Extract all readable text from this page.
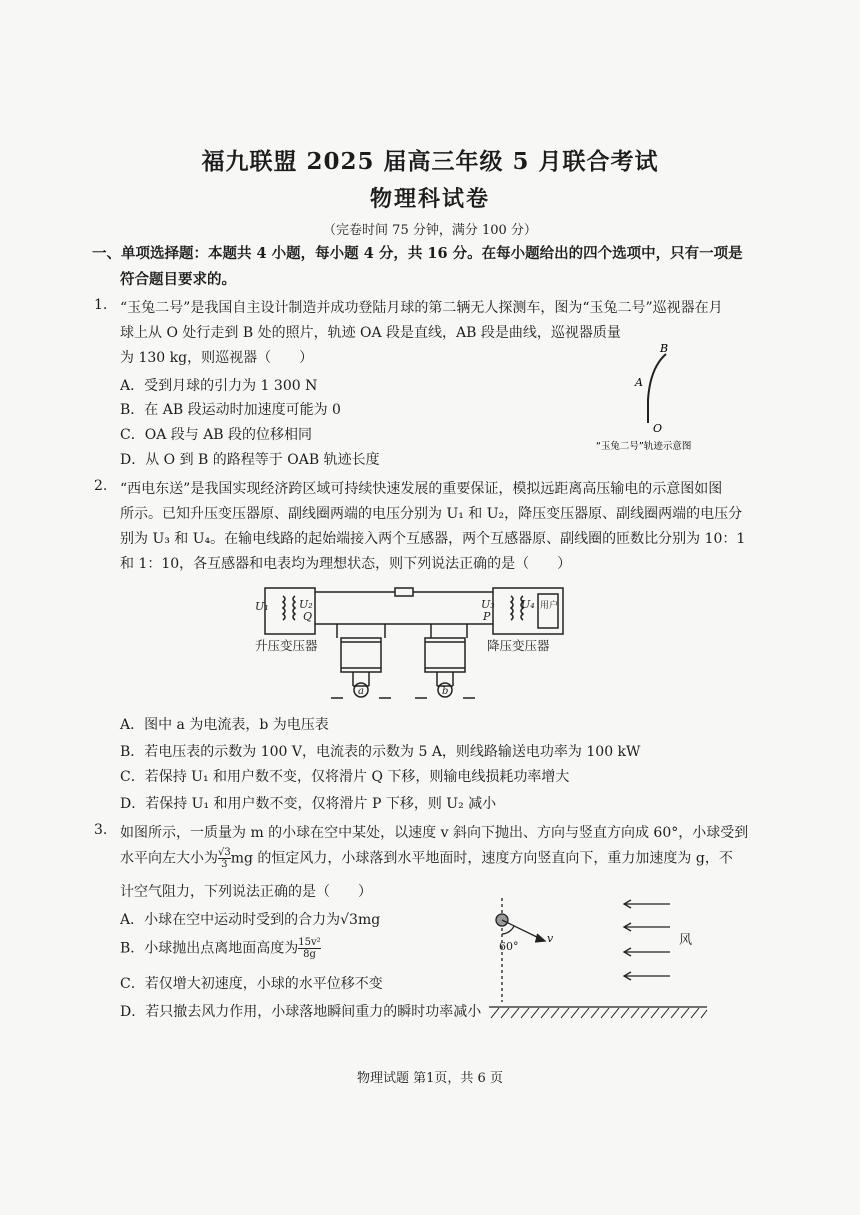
福九联盟 2025 届高三年级 5 月联合考试
物理科试卷
（完卷时间 75 分钟，满分 100 分）
一、单项选择题：本题共 4 小题，每小题 4 分，共 16 分。在每小题给出的四个选项中，只有一项是
符合题目要求的。
1. “玉兔二号”是我国自主设计制造并成功登陆月球的第二辆无人探测车，图为“玉兔二号”巡视器在月
球上从 O 处行走到 B 处的照片，轨迹 OA 段是直线，AB 段是曲线，巡视器质量
为 130 kg，则巡视器（　　）
A．受到月球的引力为 1 300 N
B．在 AB 段运动时加速度可能为 0
C．OA 段与 AB 段的位移相同
D．从 O 到 B 的路程等于 OAB 轨迹长度
B
A
O
“玉兔二号”轨迹示意图
2. “西电东送”是我国实现经济跨区域可持续快速发展的重要保证，模拟远距离高压输电的示意图如图
所示。已知升压变压器原、副线圈两端的电压分别为 U₁ 和 U₂，降压变压器原、副线圈两端的电压分
别为 U₃ 和 U₄。在输电线路的起始端接入两个互感器，两个互感器原、副线圈的匝数比分别为 10：1
和 1：10，各互感器和电表均为理想状态，则下列说法正确的是（　　）
U₁	U₂
Q
U₃ U₄
P
用户
升压变压器	降压变压器
a	b
A．图中 a 为电流表，b 为电压表
B．若电压表的示数为 100 V，电流表的示数为 5 A，则线路输送电功率为 100 kW
C．若保持 U₁ 和用户数不变，仅将滑片 Q 下移，则输电线损耗功率增大
D．若保持 U₁ 和用户数不变，仅将滑片 P 下移，则 U₂ 减小
3. 如图所示，一质量为 m 的小球在空中某处，以速度 v 斜向下抛出、方向与竖直方向成 60°，小球受到
水平向左大小为 $\frac{√3}{3}$ mg 的恒定风力，小球落到水平地面时，速度方向竖直向下，重力加速度为 g，不
计空气阻力，下列说法正确的是（　　）
A．小球在空中运动时受到的合力为√3mg
B．小球抛出点离地面高度为 $\frac{\text{15v²}}{8g}$
C．若仅增大初速度，小球的水平位移不变
D．若只撤去风力作用，小球落地瞬间重力的瞬时功率减小
60°
v	风
物理试题 第1页，共 6 页
